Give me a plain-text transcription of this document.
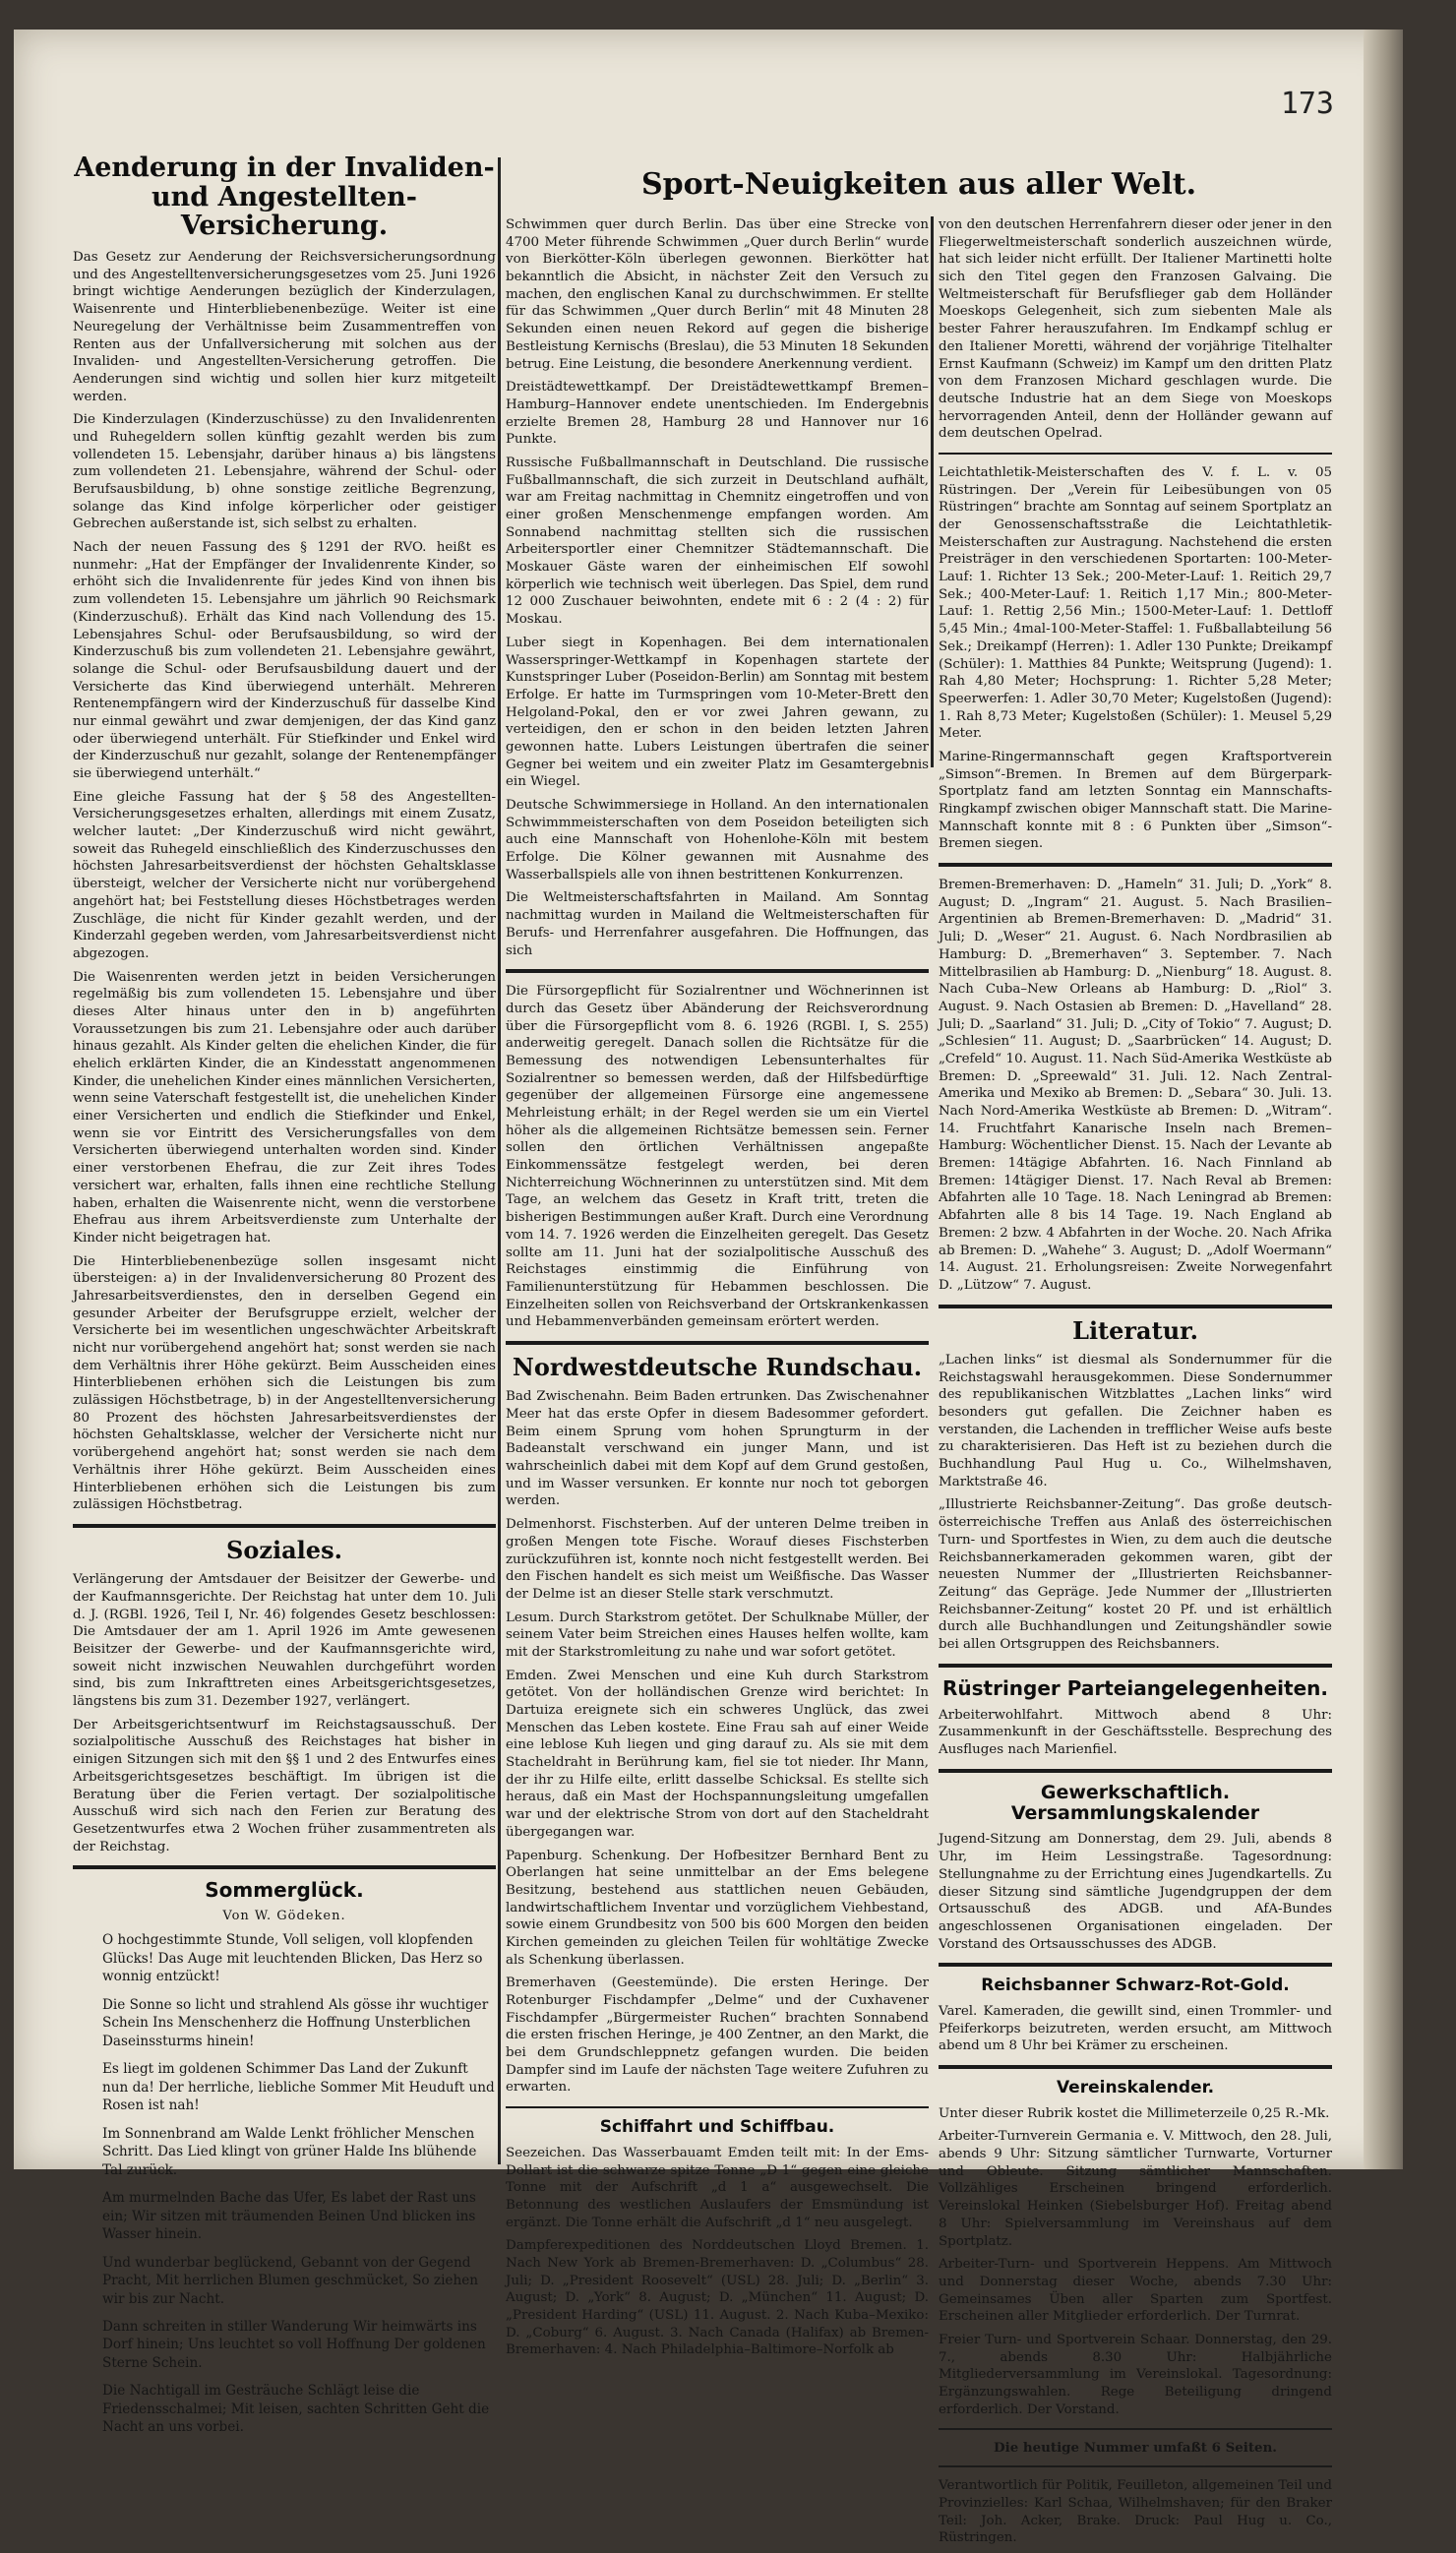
173
Sport-Neuigkeiten aus aller Welt.
Aenderung in der Invaliden- und Angestellten-Versicherung.

Das Gesetz zur Aenderung der Reichsversicherungsordnung und des Angestelltenversicherungsgesetzes vom 25. Juni 1926 bringt wichtige Aenderungen bezüglich der Kinderzulagen, Waisenrente und Hinterbliebenenbezüge. Weiter ist eine Neuregelung der Verhältnisse beim Zusammentreffen von Renten aus der Unfallversicherung mit solchen aus der Invaliden- und Angestellten-Versicherung getroffen. Die Aenderungen sind wichtig und sollen hier kurz mitgeteilt werden.

Die Kinderzulagen (Kinderzuschüsse) zu den Invalidenrenten und Ruhegeldern sollen künftig gezahlt werden bis zum vollendeten 15. Lebensjahr, darüber hinaus a) bis längstens zum vollendeten 21. Lebensjahre, während der Schul- oder Berufsausbildung, b) ohne sonstige zeitliche Begrenzung, solange das Kind infolge körperlicher oder geistiger Gebrechen außerstande ist, sich selbst zu erhalten.

Nach der neuen Fassung des § 1291 der RVO. heißt es nunmehr: „Hat der Empfänger der Invalidenrente Kinder, so erhöht sich die Invalidenrente für jedes Kind von ihnen bis zum vollendeten 15. Lebensjahre um jährlich 90 Reichsmark (Kinderzuschuß). Erhält das Kind nach Vollendung des 15. Lebensjahres Schul- oder Berufsausbildung, so wird der Kinderzuschuß bis zum vollendeten 21. Lebensjahre gewährt, solange die Schul- oder Berufsausbildung dauert und der Versicherte das Kind überwiegend unterhält. Mehreren Rentenempfängern wird der Kinderzuschuß für dasselbe Kind nur einmal gewährt und zwar demjenigen, der das Kind ganz oder überwiegend unterhält. Für Stiefkinder und Enkel wird der Kinderzuschuß nur gezahlt, solange der Rentenempfänger sie überwiegend unterhält.“

Eine gleiche Fassung hat der § 58 des Angestellten-Versicherungsgesetzes erhalten, allerdings mit einem Zusatz, welcher lautet: „Der Kinderzuschuß wird nicht gewährt, soweit das Ruhegeld einschließlich des Kinderzuschusses den höchsten Jahresarbeitsverdienst der höchsten Gehaltsklasse übersteigt, welcher der Versicherte nicht nur vorübergehend angehört hat; bei Feststellung dieses Höchstbetrages werden Zuschläge, die nicht für Kinder gezahlt werden, und der Kinderzahl gegeben werden, vom Jahresarbeitsverdienst nicht abgezogen.

Die Waisenrenten werden jetzt in beiden Versicherungen regelmäßig bis zum vollendeten 15. Lebensjahre und über dieses Alter hinaus unter den in b) angeführten Voraussetzungen bis zum 21. Lebensjahre oder auch darüber hinaus gezahlt. Als Kinder gelten die ehelichen Kinder, die für ehelich erklärten Kinder, die an Kindesstatt angenommenen Kinder, die unehelichen Kinder eines männlichen Versicherten, wenn seine Vaterschaft festgestellt ist, die unehelichen Kinder einer Versicherten und endlich die Stiefkinder und Enkel, wenn sie vor Eintritt des Versicherungsfalles von dem Versicherten überwiegend unterhalten worden sind. Kinder einer verstorbenen Ehefrau, die zur Zeit ihres Todes versichert war, erhalten, falls ihnen eine rechtliche Stellung haben, erhalten die Waisenrente nicht, wenn die verstorbene Ehefrau aus ihrem Arbeitsverdienste zum Unterhalte der Kinder nicht beigetragen hat.

Die Hinterbliebenenbezüge sollen insgesamt nicht übersteigen: a) in der Invalidenversicherung 80 Prozent des Jahresarbeitsverdienstes, den in derselben Gegend ein gesunder Arbeiter der Berufsgruppe erzielt, welcher der Versicherte bei im wesentlichen ungeschwächter Arbeitskraft nicht nur vorübergehend angehört hat; sonst werden sie nach dem Verhältnis ihrer Höhe gekürzt. Beim Ausscheiden eines Hinterbliebenen erhöhen sich die Leistungen bis zum zulässigen Höchstbetrage, b) in der Angestelltenversicherung 80 Prozent des höchsten Jahresarbeitsverdienstes der höchsten Gehaltsklasse, welcher der Versicherte nicht nur vorübergehend angehört hat; sonst werden sie nach dem Verhältnis ihrer Höhe gekürzt. Beim Ausscheiden eines Hinterbliebenen erhöhen sich die Leistungen bis zum zulässigen Höchstbetrag.

Soziales.

Verlängerung der Amtsdauer der Beisitzer der Gewerbe- und der Kaufmannsgerichte. Der Reichstag hat unter dem 10. Juli d. J. (RGBl. 1926, Teil I, Nr. 46) folgendes Gesetz beschlossen: Die Amtsdauer der am 1. April 1926 im Amte gewesenen Beisitzer der Gewerbe- und der Kaufmannsgerichte wird, soweit nicht inzwischen Neuwahlen durchgeführt worden sind, bis zum Inkrafttreten eines Arbeitsgerichtsgesetzes, längstens bis zum 31. Dezember 1927, verlängert.

Der Arbeitsgerichtsentwurf im Reichstagsausschuß. Der sozialpolitische Ausschuß des Reichstages hat bisher in einigen Sitzungen sich mit den §§ 1 und 2 des Entwurfes eines Arbeitsgerichtsgesetzes beschäftigt. Im übrigen ist die Beratung über die Ferien vertagt. Der sozialpolitische Ausschuß wird sich nach den Ferien zur Beratung des Gesetzentwurfes etwa 2 Wochen früher zusammentreten als der Reichstag.

Sommerglück.
Von W. Gödeken.

O hochgestimmte Stunde, Voll seligen, voll klopfenden Glücks! Das Auge mit leuchtenden Blicken, Das Herz so wonnig entzückt!

Die Sonne so licht und strahlend Als gösse ihr wuchtiger Schein Ins Menschenherz die Hoffnung Unsterblichen Daseinssturms hinein!

Es liegt im goldenen Schimmer Das Land der Zukunft nun da! Der herrliche, liebliche Sommer Mit Heuduft und Rosen ist nah!

Im Sonnenbrand am Walde Lenkt fröhlicher Menschen Schritt. Das Lied klingt von grüner Halde Ins blühende Tal zurück.

Am murmelnden Bache das Ufer, Es labet der Rast uns ein; Wir sitzen mit träumenden Beinen Und blicken ins Wasser hinein.

Und wunderbar beglückend, Gebannt von der Gegend Pracht, Mit herrlichen Blumen geschmücket, So ziehen wir bis zur Nacht.

Dann schreiten in stiller Wanderung Wir heimwärts ins Dorf hinein; Uns leuchtet so voll Hoffnung Der goldenen Sterne Schein.

Die Nachtigall im Gesträuche Schlägt leise die Friedensschalmei; Mit leisen, sachten Schritten Geht die Nacht an uns vorbei.

Schwimmen quer durch Berlin. Das über eine Strecke von 4700 Meter führende Schwimmen „Quer durch Berlin“ wurde von Bierkötter-Köln überlegen gewonnen. Bierkötter hat bekanntlich die Absicht, in nächster Zeit den Versuch zu machen, den englischen Kanal zu durchschwimmen. Er stellte für das Schwimmen „Quer durch Berlin“ mit 48 Minuten 28 Sekunden einen neuen Rekord auf gegen die bisherige Bestleistung Kernischs (Breslau), die 53 Minuten 18 Sekunden betrug. Eine Leistung, die besondere Anerkennung verdient.

Dreistädtewettkampf. Der Dreistädtewettkampf Bremen–Hamburg–Hannover endete unentschieden. Im Endergebnis erzielte Bremen 28, Hamburg 28 und Hannover nur 16 Punkte.

Russische Fußballmannschaft in Deutschland. Die russische Fußballmannschaft, die sich zurzeit in Deutschland aufhält, war am Freitag nachmittag in Chemnitz eingetroffen und von einer großen Menschenmenge empfangen worden. Am Sonnabend nachmittag stellten sich die russischen Arbeitersportler einer Chemnitzer Städtemannschaft. Die Moskauer Gäste waren der einheimischen Elf sowohl körperlich wie technisch weit überlegen. Das Spiel, dem rund 12 000 Zuschauer beiwohnten, endete mit 6 : 2 (4 : 2) für Moskau.

Luber siegt in Kopenhagen. Bei dem internationalen Wasserspringer-Wettkampf in Kopenhagen startete der Kunstspringer Luber (Poseidon-Berlin) am Sonntag mit bestem Erfolge. Er hatte im Turmspringen vom 10-Meter-Brett den Helgoland-Pokal, den er vor zwei Jahren gewann, zu verteidigen, den er schon in den beiden letzten Jahren gewonnen hatte. Lubers Leistungen übertrafen die seiner Gegner bei weitem und ein zweiter Platz im Gesamtergebnis ein Wiegel.

Deutsche Schwimmersiege in Holland. An den internationalen Schwimmmeisterschaften von dem Poseidon beteiligten sich auch eine Mannschaft von Hohenlohe-Köln mit bestem Erfolge. Die Kölner gewannen mit Ausnahme des Wasserballspiels alle von ihnen bestrittenen Konkurrenzen.

Die Weltmeisterschaftsfahrten in Mailand. Am Sonntag nachmittag wurden in Mailand die Weltmeisterschaften für Berufs- und Herrenfahrer ausgefahren. Die Hoffnungen, das sich

Die Fürsorgepflicht für Sozialrentner und Wöchnerinnen ist durch das Gesetz über Abänderung der Reichsverordnung über die Fürsorgepflicht vom 8. 6. 1926 (RGBl. I, S. 255) anderweitig geregelt. Danach sollen die Richtsätze für die Bemessung des notwendigen Lebensunterhaltes für Sozialrentner so bemessen werden, daß der Hilfsbedürftige gegenüber der allgemeinen Fürsorge eine angemessene Mehrleistung erhält; in der Regel werden sie um ein Viertel höher als die allgemeinen Richtsätze bemessen sein. Ferner sollen den örtlichen Verhältnissen angepaßte Einkommenssätze festgelegt werden, bei deren Nichterreichung Wöchnerinnen zu unterstützen sind. Mit dem Tage, an welchem das Gesetz in Kraft tritt, treten die bisherigen Bestimmungen außer Kraft. Durch eine Verordnung vom 14. 7. 1926 werden die Einzelheiten geregelt. Das Gesetz sollte am 11. Juni hat der sozialpolitische Ausschuß des Reichstages einstimmig die Einführung von Familienunterstützung für Hebammen beschlossen. Die Einzelheiten sollen von Reichsverband der Ortskrankenkassen und Hebammenverbänden gemeinsam erörtert werden.

Nordwestdeutsche Rundschau.

Bad Zwischenahn. Beim Baden ertrunken. Das Zwischenahner Meer hat das erste Opfer in diesem Badesommer gefordert. Beim einem Sprung vom hohen Sprungturm in der Badeanstalt verschwand ein junger Mann, und ist wahrscheinlich dabei mit dem Kopf auf dem Grund gestoßen, und im Wasser versunken. Er konnte nur noch tot geborgen werden.

Delmenhorst. Fischsterben. Auf der unteren Delme treiben in großen Mengen tote Fische. Worauf dieses Fischsterben zurückzuführen ist, konnte noch nicht festgestellt werden. Bei den Fischen handelt es sich meist um Weißfische. Das Wasser der Delme ist an dieser Stelle stark verschmutzt.

Lesum. Durch Starkstrom getötet. Der Schulknabe Müller, der seinem Vater beim Streichen eines Hauses helfen wollte, kam mit der Starkstromleitung zu nahe und war sofort getötet.

Emden. Zwei Menschen und eine Kuh durch Starkstrom getötet. Von der holländischen Grenze wird berichtet: In Dartuiza ereignete sich ein schweres Unglück, das zwei Menschen das Leben kostete. Eine Frau sah auf einer Weide eine leblose Kuh liegen und ging darauf zu. Als sie mit dem Stacheldraht in Berührung kam, fiel sie tot nieder. Ihr Mann, der ihr zu Hilfe eilte, erlitt dasselbe Schicksal. Es stellte sich heraus, daß ein Mast der Hochspannungsleitung umgefallen war und der elektrische Strom von dort auf den Stacheldraht übergegangen war.

Papenburg. Schenkung. Der Hofbesitzer Bernhard Bent zu Oberlangen hat seine unmittelbar an der Ems belegene Besitzung, bestehend aus stattlichen neuen Gebäuden, landwirtschaftlichem Inventar und vorzüglichem Viehbestand, sowie einem Grundbesitz von 500 bis 600 Morgen den beiden Kirchen gemeinden zu gleichen Teilen für wohltätige Zwecke als Schenkung überlassen.

Bremerhaven (Geestemünde). Die ersten Heringe. Der Rotenburger Fischdampfer „Delme“ und der Cuxhavener Fischdampfer „Bürgermeister Ruchen“ brachten Sonnabend die ersten frischen Heringe, je 400 Zentner, an den Markt, die bei dem Grundschleppnetz gefangen wurden. Die beiden Dampfer sind im Laufe der nächsten Tage weitere Zufuhren zu erwarten.

Schiffahrt und Schiffbau.

Seezeichen. Das Wasserbauamt Emden teilt mit: In der Ems-Dollart ist die schwarze spitze Tonne „D 1“ gegen eine gleiche Tonne mit der Aufschrift „d 1 a“ ausgewechselt. Die Betonnung des westlichen Auslaufers der Emsmündung ist ergänzt. Die Tonne erhält die Aufschrift „d 1“ neu ausgelegt.

Dampferexpeditionen des Norddeutschen Lloyd Bremen. 1. Nach New York ab Bremen-Bremerhaven: D. „Columbus“ 28. Juli; D. „President Roosevelt“ (USL) 28. Juli; D. „Berlin“ 3. August; D. „York“ 8. August; D. „München“ 11. August; D. „President Harding“ (USL) 11. August. 2. Nach Kuba–Mexiko: D. „Coburg“ 6. August. 3. Nach Canada (Halifax) ab Bremen-Bremerhaven: 4. Nach Philadelphia–Baltimore–Norfolk ab

von den deutschen Herrenfahrern dieser oder jener in den Fliegerweltmeisterschaft sonderlich auszeichnen würde, hat sich leider nicht erfüllt. Der Italiener Martinetti holte sich den Titel gegen den Franzosen Galvaing. Die Weltmeisterschaft für Berufsflieger gab dem Holländer Moeskops Gelegenheit, sich zum siebenten Male als bester Fahrer herauszufahren. Im Endkampf schlug er den Italiener Moretti, während der vorjährige Titelhalter Ernst Kaufmann (Schweiz) im Kampf um den dritten Platz von dem Franzosen Michard geschlagen wurde. Die deutsche Industrie hat an dem Siege von Moeskops hervorragenden Anteil, denn der Holländer gewann auf dem deutschen Opelrad.

Leichtathletik-Meisterschaften des V. f. L. v. 05 Rüstringen. Der „Verein für Leibesübungen von 05 Rüstringen“ brachte am Sonntag auf seinem Sportplatz an der Genossenschaftsstraße die Leichtathletik-Meisterschaften zur Austragung. Nachstehend die ersten Preisträger in den verschiedenen Sportarten: 100-Meter-Lauf: 1. Richter 13 Sek.; 200-Meter-Lauf: 1. Reitich 29,7 Sek.; 400-Meter-Lauf: 1. Reitich 1,17 Min.; 800-Meter-Lauf: 1. Rettig 2,56 Min.; 1500-Meter-Lauf: 1. Dettloff 5,45 Min.; 4mal-100-Meter-Staffel: 1. Fußballabteilung 56 Sek.; Dreikampf (Herren): 1. Adler 130 Punkte; Dreikampf (Schüler): 1. Matthies 84 Punkte; Weitsprung (Jugend): 1. Rah 4,80 Meter; Hochsprung: 1. Richter 5,28 Meter; Speerwerfen: 1. Adler 30,70 Meter; Kugelstoßen (Jugend): 1. Rah 8,73 Meter; Kugelstoßen (Schüler): 1. Meusel 5,29 Meter.

Marine-Ringermannschaft gegen Kraftsportverein „Simson“-Bremen. In Bremen auf dem Bürgerpark-Sportplatz fand am letzten Sonntag ein Mannschafts-Ringkampf zwischen obiger Mannschaft statt. Die Marine-Mannschaft konnte mit 8 : 6 Punkten über „Simson“-Bremen siegen.

Bremen-Bremerhaven: D. „Hameln“ 31. Juli; D. „York“ 8. August; D. „Ingram“ 21. August. 5. Nach Brasilien–Argentinien ab Bremen-Bremerhaven: D. „Madrid“ 31. Juli; D. „Weser“ 21. August. 6. Nach Nordbrasilien ab Hamburg: D. „Bremerhaven“ 3. September. 7. Nach Mittelbrasilien ab Hamburg: D. „Nienburg“ 18. August. 8. Nach Cuba–New Orleans ab Hamburg: D. „Riol“ 3. August. 9. Nach Ostasien ab Bremen: D. „Havelland“ 28. Juli; D. „Saarland“ 31. Juli; D. „City of Tokio“ 7. August; D. „Schlesien“ 11. August; D. „Saarbrücken“ 14. August; D. „Crefeld“ 10. August. 11. Nach Süd-Amerika Westküste ab Bremen: D. „Spreewald“ 31. Juli. 12. Nach Zentral-Amerika und Mexiko ab Bremen: D. „Sebara“ 30. Juli. 13. Nach Nord-Amerika Westküste ab Bremen: D. „Witram“. 14. Fruchtfahrt Kanarische Inseln nach Bremen–Hamburg: Wöchentlicher Dienst. 15. Nach der Levante ab Bremen: 14tägige Abfahrten. 16. Nach Finnland ab Bremen: 14tägiger Dienst. 17. Nach Reval ab Bremen: Abfahrten alle 10 Tage. 18. Nach Leningrad ab Bremen: Abfahrten alle 8 bis 14 Tage. 19. Nach England ab Bremen: 2 bzw. 4 Abfahrten in der Woche. 20. Nach Afrika ab Bremen: D. „Wahehe“ 3. August; D. „Adolf Woermann“ 14. August. 21. Erholungsreisen: Zweite Norwegenfahrt D. „Lützow“ 7. August.

Literatur.

„Lachen links“ ist diesmal als Sondernummer für die Reichstagswahl herausgekommen. Diese Sondernummer des republikanischen Witzblattes „Lachen links“ wird besonders gut gefallen. Die Zeichner haben es verstanden, die Lachenden in trefflicher Weise aufs beste zu charakterisieren. Das Heft ist zu beziehen durch die Buchhandlung Paul Hug u. Co., Wilhelmshaven, Marktstraße 46.

„Illustrierte Reichsbanner-Zeitung“. Das große deutsch-österreichische Treffen aus Anlaß des österreichischen Turn- und Sportfestes in Wien, zu dem auch die deutsche Reichsbannerkameraden gekommen waren, gibt der neuesten Nummer der „Illustrierten Reichsbanner-Zeitung“ das Gepräge. Jede Nummer der „Illustrierten Reichsbanner-Zeitung“ kostet 20 Pf. und ist erhältlich durch alle Buchhandlungen und Zeitungshändler sowie bei allen Ortsgruppen des Reichsbanners.

Rüstringer Parteiangelegenheiten.

Arbeiterwohlfahrt. Mittwoch abend 8 Uhr: Zusammenkunft in der Geschäftsstelle. Besprechung des Ausfluges nach Marienfiel.

Gewerkschaftlich. Versammlungskalender

Jugend-Sitzung am Donnerstag, dem 29. Juli, abends 8 Uhr, im Heim Lessingstraße. Tagesordnung: Stellungnahme zu der Errichtung eines Jugendkartells. Zu dieser Sitzung sind sämtliche Jugendgruppen der dem Ortsausschuß des ADGB. und AfA-Bundes angeschlossenen Organisationen eingeladen. Der Vorstand des Ortsausschusses des ADGB.

Reichsbanner Schwarz-Rot-Gold.

Varel. Kameraden, die gewillt sind, einen Trommler- und Pfeiferkorps beizutreten, werden ersucht, am Mittwoch abend um 8 Uhr bei Krämer zu erscheinen.

Vereinskalender.

Unter dieser Rubrik kostet die Millimeterzeile 0,25 R.-Mk.

Arbeiter-Turnverein Germania e. V. Mittwoch, den 28. Juli, abends 9 Uhr: Sitzung sämtlicher Turnwarte, Vorturner und Obleute. Sitzung sämtlicher Mannschaften. Vollzähliges Erscheinen bringend erforderlich. Vereinslokal Heinken (Siebelsburger Hof). Freitag abend 8 Uhr: Spielversammlung im Vereinshaus auf dem Sportplatz.

Arbeiter-Turn- und Sportverein Heppens. Am Mittwoch und Donnerstag dieser Woche, abends 7.30 Uhr: Gemeinsames Üben aller Sparten zum Sportfest. Erscheinen aller Mitglieder erforderlich. Der Turnrat.

Freier Turn- und Sportverein Schaar. Donnerstag, den 29. 7., abends 8.30 Uhr: Halbjährliche Mitgliederversammlung im Vereinslokal. Tagesordnung: Ergänzungswahlen. Rege Beteiligung dringend erforderlich. Der Vorstand.

Die heutige Nummer umfaßt 6 Seiten.

Verantwortlich für Politik, Feuilleton, allgemeinen Teil und Provinzielles: Karl Schaa, Wilhelmshaven; für den Braker Teil: Joh. Acker, Brake. Druck: Paul Hug u. Co., Rüstringen.
